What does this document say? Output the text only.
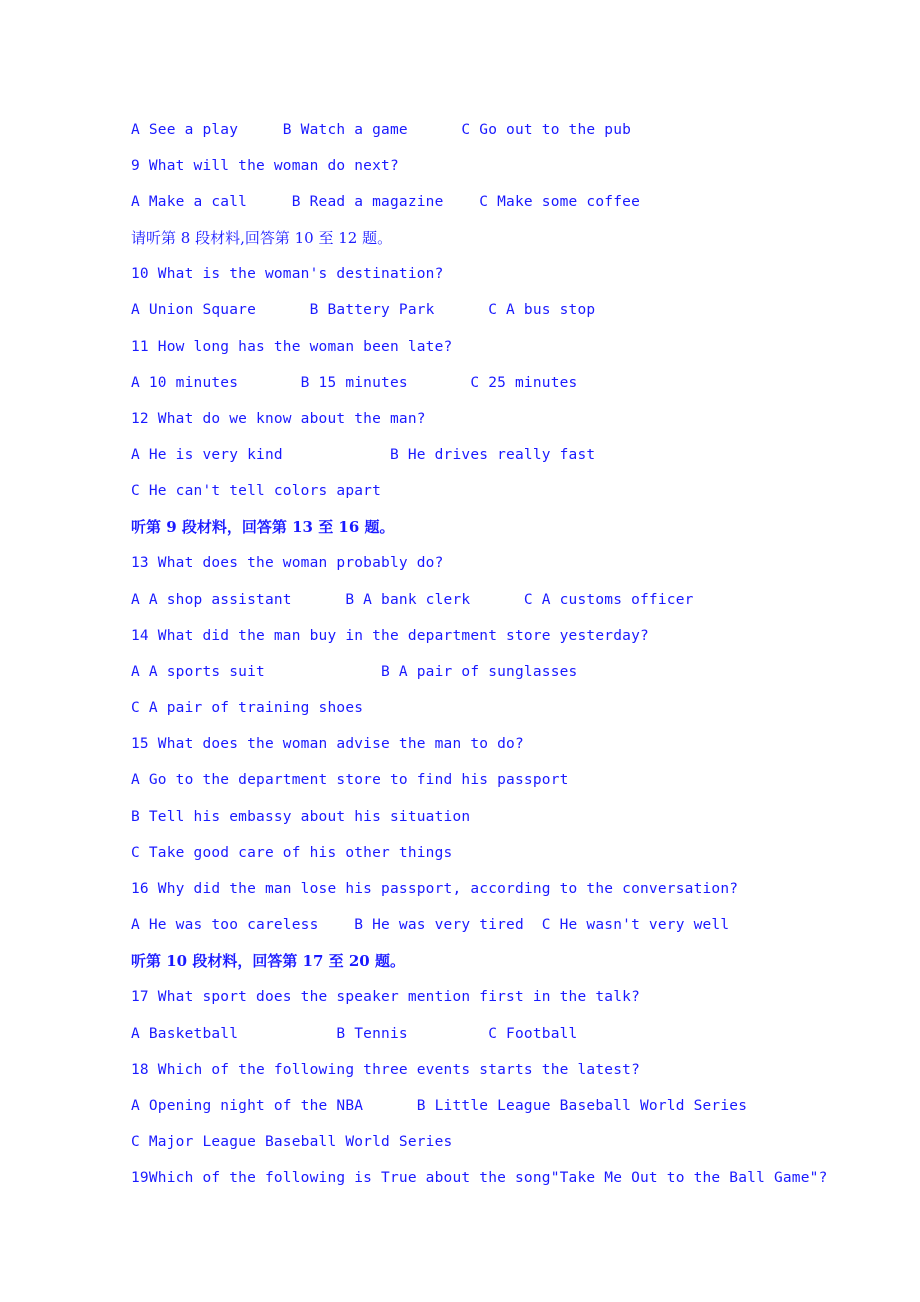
A See a play     B Watch a game      C Go out to the pub
9 What will the woman do next?
A Make a call     B Read a magazine    C Make some coffee
请听第 8 段材料,回答第 10 至 12 题。
10 What is the woman's destination?
A Union Square      B Battery Park      C A bus stop
11 How long has the woman been late?
A 10 minutes       B 15 minutes       C 25 minutes
12 What do we know about the man?
A He is very kind            B He drives really fast
C He can't tell colors apart
听第 9 段材料，回答第 13 至 16 题。
13 What does the woman probably do?
A A shop assistant      B A bank clerk      C A customs officer
14 What did the man buy in the department store yesterday?
A A sports suit             B A pair of sunglasses
C A pair of training shoes
15 What does the woman advise the man to do?
A Go to the department store to find his passport
B Tell his embassy about his situation
C Take good care of his other things
16 Why did the man lose his passport, according to the conversation?
A He was too careless    B He was very tired  C He wasn't very well
听第 10 段材料，回答第 17 至 20 题。
17 What sport does the speaker mention first in the talk?
A Basketball           B Tennis         C Football
18 Which of the following three events starts the latest?
A Opening night of the NBA      B Little League Baseball World Series
C Major League Baseball World Series
19Which of the following is True about the song"Take Me Out to the Ball Game"?
